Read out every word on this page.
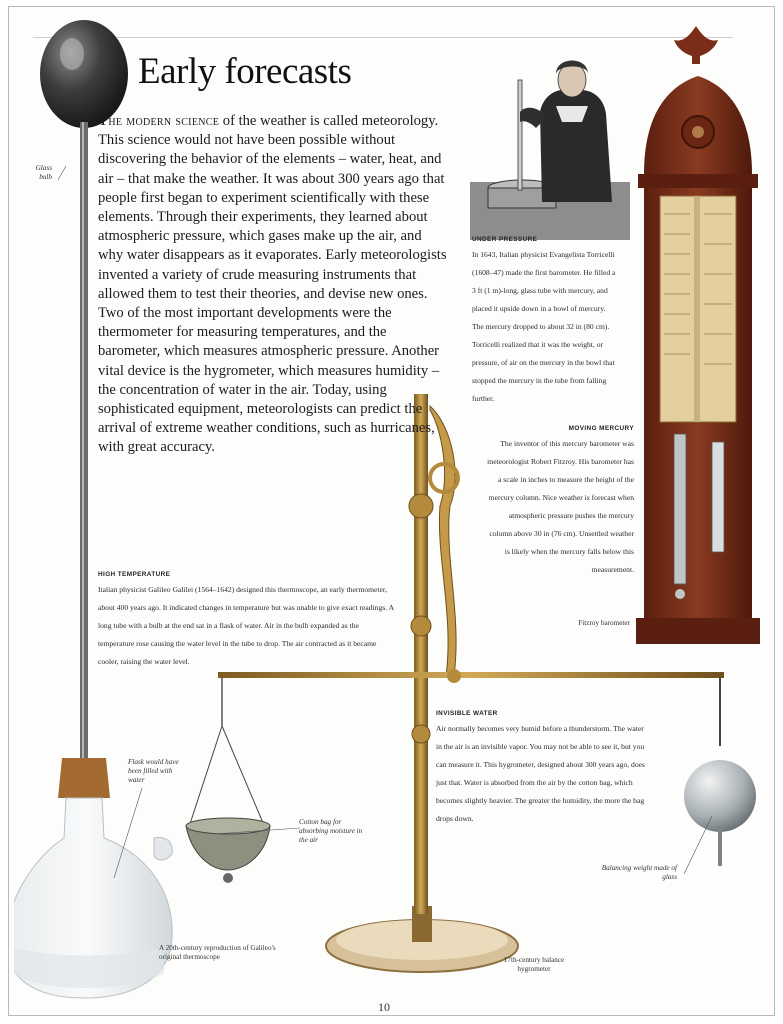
Early forecasts
The modern science of the weather is called meteorology. This science would not have been possible without discovering the behavior of the elements – water, heat, and air – that make the weather. It was about 300 years ago that people first began to experiment scientifically with these elements. Through their experiments, they learned about atmospheric pressure, which gases make up the air, and why water disappears as it evaporates. Early meteorologists invented a variety of crude measuring instruments that allowed them to test their theories, and devise new ones. Two of the most important developments were the thermometer for measuring temperatures, and the barometer, which measures atmospheric pressure. Another vital device is the hygrometer, which measures humidity – the concentration of water in the air. Today, using sophisticated equipment, meteorologists can predict the arrival of extreme weather conditions, such as hurricanes, with great accuracy.
HIGH TEMPERATURE
Italian physicist Galileo Galilei (1564–1642) designed this thermoscope, an early thermometer, about 400 years ago. It indicated changes in temperature but was unable to give exact readings. A long tube with a bulb at the end sat in a flask of water. Air in the bulb expanded as the temperature rose causing the water level in the tube to drop. The air contracted as it became cooler, raising the water level.
UNDER PRESSURE
In 1643, Italian physicist Evangelista Torricelli (1608–47) made the first barometer. He filled a 3 ft (1 m)-long, glass tube with mercury, and placed it upside down in a bowl of mercury. The mercury dropped to about 32 in (80 cm). Torricelli realized that it was the weight, or pressure, of air on the mercury in the bowl that stopped the mercury in the tube from falling further.
MOVING MERCURY
The inventor of this mercury barometer was meteorologist Robert Fitzroy. His barometer has a scale in inches to measure the height of the mercury column. Nice weather is forecast when atmospheric pressure pushes the mercury column above 30 in (76 cm). Unsettled weather is likely when the mercury falls below this measurement.
INVISIBLE WATER
Air normally becomes very humid before a thunderstorm. The water in the air is an invisible vapor. You may not be able to see it, but you can measure it. This hygrometer, designed about 300 years ago, does just that. Water is absorbed from the air by the cotton bag, which becomes slightly heavier. The greater the humidity, the more the bag drops down.
Glass bulb
Flask would have been filled with water
Cotton bag for absorbing moisture in the air
Balancing weight made of glass
A 20th-century reproduction of Galileo's original thermoscope	17th-century balance hygrometer
Fitzroy barometer
10
